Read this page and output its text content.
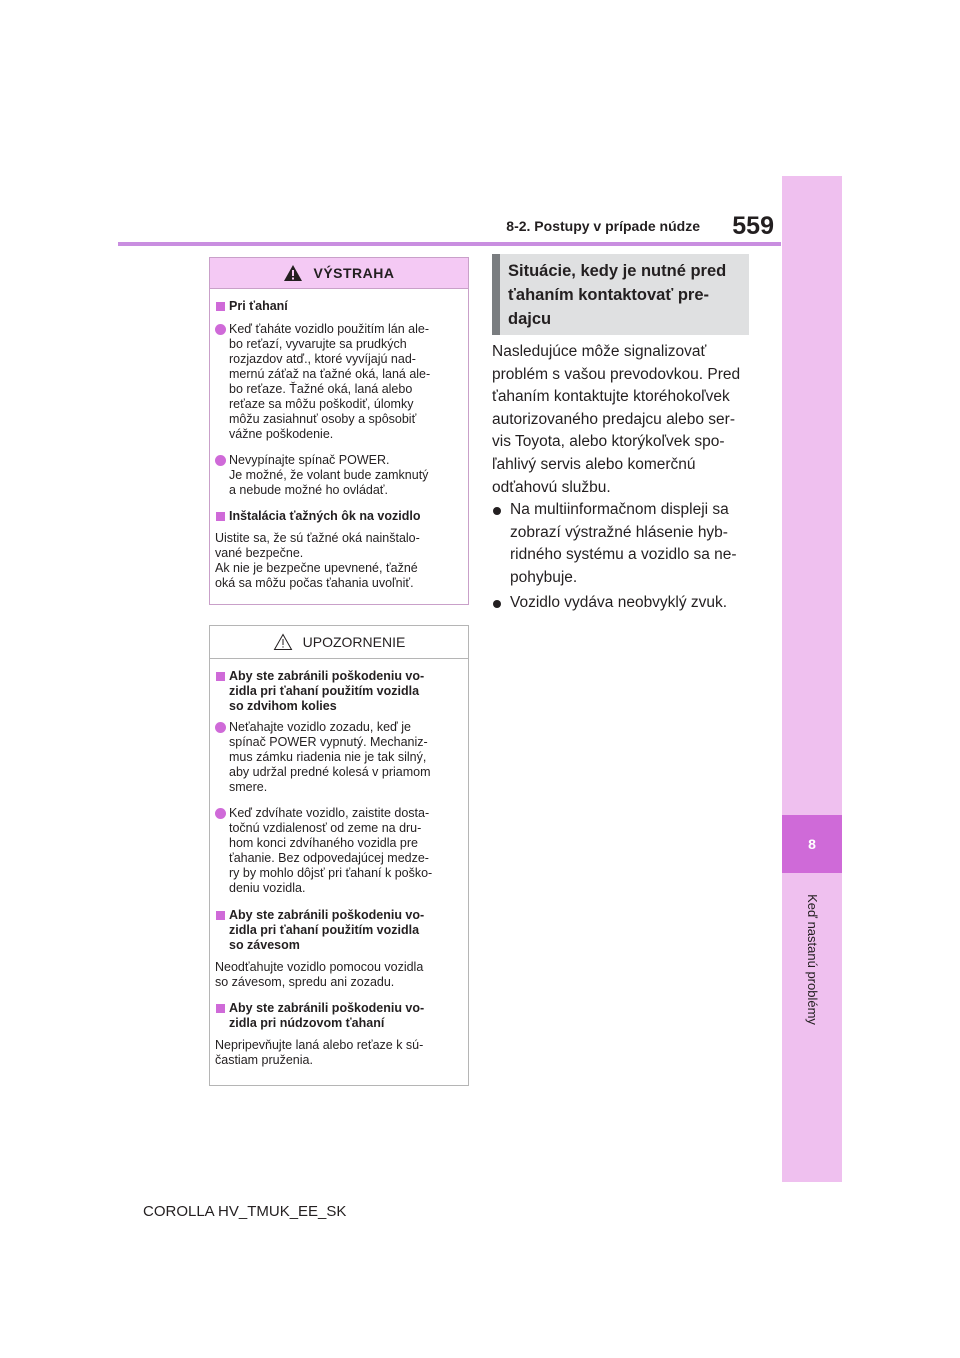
8-2. Postupy v prípade núdze	559
8
Keď nastanú problémy
VÝSTRAHA
Pri ťahaní
Keď ťaháte vozidlo použitím lán ale-
bo reťazí, vyvarujte sa prudkých
rozjazdov atď., ktoré vyvíjajú nad-
mernú záťaž na ťažné oká, laná ale-
bo reťaze. Ťažné oká, laná alebo
reťaze sa môžu poškodiť, úlomky
môžu zasiahnuť osoby a spôsobiť
vážne poškodenie.
Nevypínajte spínač POWER.
Je možné, že volant bude zamknutý
a nebude možné ho ovládať.
Inštalácia ťažných ôk na vozidlo
Uistite sa, že sú ťažné oká nainštalo-
vané bezpečne.
Ak nie je bezpečne upevnené, ťažné
oká sa môžu počas ťahania uvoľniť.
UPOZORNENIE
Aby ste zabránili poškodeniu vo-
zidla pri ťahaní použitím vozidla
so zdvihom kolies
Neťahajte vozidlo zozadu, keď je
spínač POWER vypnutý. Mechaniz-
mus zámku riadenia nie je tak silný,
aby udržal predné kolesá v priamom
smere.
Keď zdvíhate vozidlo, zaistite dosta-
točnú vzdialenosť od zeme na dru-
hom konci zdvíhaného vozidla pre
ťahanie. Bez odpovedajúcej medze-
ry by mohlo dôjsť pri ťahaní k poško-
deniu vozidla.
Aby ste zabránili poškodeniu vo-
zidla pri ťahaní použitím vozidla
so závesom
Neodťahujte vozidlo pomocou vozidla
so závesom, spredu ani zozadu.
Aby ste zabránili poškodeniu vo-
zidla pri núdzovom ťahaní
Nepripevňujte laná alebo reťaze k sú-
častiam pruženia.
Situácie, kedy je nutné pred
ťahaním kontaktovať pre-
dajcu
Nasledujúce môže signalizovať
problém s vašou prevodovkou. Pred
ťahaním kontaktujte ktoréhokoľvek
autorizovaného predajcu alebo ser-
vis Toyota, alebo ktorýkoľvek spo-
ľahlivý servis alebo komerčnú
odťahovú službu.
Na multiinformačnom displeji sa
zobrazí výstražné hlásenie hyb-
ridného systému a vozidlo sa ne-
pohybuje.
Vozidlo vydáva neobvyklý zvuk.
COROLLA HV_TMUK_EE_SK
